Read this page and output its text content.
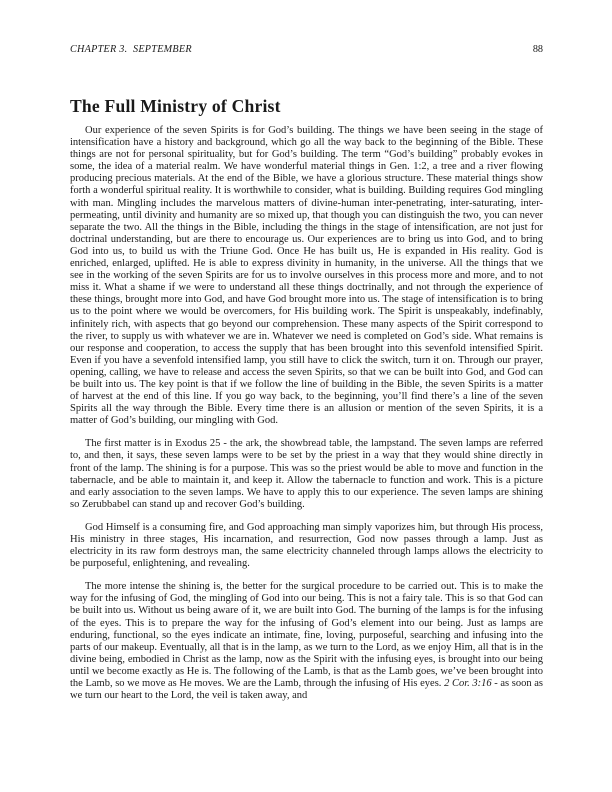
CHAPTER 3.  SEPTEMBER	88
The Full Ministry of Christ

Our experience of the seven Spirits is for God’s building. The things we have been seeing in the stage of intensification have a history and background, which go all the way back to the beginning of the Bible. These things are not for personal spirituality, but for God’s building. The term “God’s building” probably evokes in some, the idea of a material realm. We have wonderful material things in Gen. 1:2, a tree and a river flowing producing precious materials. At the end of the Bible, we have a glorious structure. These material things show forth a wonderful spiritual reality. It is worthwhile to consider, what is building. Building requires God mingling with man. Mingling includes the marvelous matters of divine-human inter-penetrating, inter-saturating, inter-permeating, until divinity and humanity are so mixed up, that though you can distinguish the two, you can never separate the two. All the things in the Bible, including the things in the stage of intensification, are not just for doctrinal understanding, but are there to encourage us. Our experiences are to bring us into God, and to bring God into us, to build us with the Triune God. Once He has built us, He is expanded in His reality. God is enriched, enlarged, uplifted. He is able to express divinity in humanity, in the universe. All the things that we see in the working of the seven Spirits are for us to involve ourselves in this process more and more, and to not miss it. What a shame if we were to understand all these things doctrinally, and not through the experience of these things, brought more into God, and have God brought more into us. The stage of intensification is to bring us to the point where we would be overcomers, for His building work. The Spirit is unspeakably, indefinably, infinitely rich, with aspects that go beyond our comprehension. These many aspects of the Spirit correspond to the river, to supply us with whatever we are in. Whatever we need is completed on God’s side. What remains is our response and cooperation, to access the supply that has been brought into this sevenfold intensified Spirit. Even if you have a sevenfold intensified lamp, you still have to click the switch, turn it on. Through our prayer, opening, calling, we have to release and access the seven Spirits, so that we can be built into God, and God can be built into us. The key point is that if we follow the line of building in the Bible, the seven Spirits is a matter of harvest at the end of this line. If you go way back, to the beginning, you’ll find there’s a line of the seven Spirits all the way through the Bible. Every time there is an allusion or mention of the seven Spirits, it is a matter of God’s building, our mingling with God.

The first matter is in Exodus 25 - the ark, the showbread table, the lampstand. The seven lamps are referred to, and then, it says, these seven lamps were to be set by the priest in a way that they would shine directly in front of the lamp. The shining is for a purpose. This was so the priest would be able to move and function in the tabernacle, and be able to maintain it, and keep it. Allow the tabernacle to function and work. This is a picture and early association to the seven lamps. We have to apply this to our experience. The seven lamps are shining so Zerubbabel can stand up and recover God’s building.

God Himself is a consuming fire, and God approaching man simply vaporizes him, but through His process, His ministry in three stages, His incarnation, and resurrection, God now passes through a lamp. Just as electricity in its raw form destroys man, the same electricity channeled through lamps allows the electricity to be purposeful, enlightening, and revealing.

The more intense the shining is, the better for the surgical procedure to be carried out. This is to make the way for the infusing of God, the mingling of God into our being. This is not a fairy tale. This is so that God can be built into us. Without us being aware of it, we are built into God. The burning of the lamps is for the infusing of the eyes. This is to prepare the way for the infusing of God’s element into our being. Just as lamps are enduring, functional, so the eyes indicate an intimate, fine, loving, purposeful, searching and infusing into the parts of our makeup. Eventually, all that is in the lamp, as we turn to the Lord, as we enjoy Him, all that is in the divine being, embodied in Christ as the lamp, now as the Spirit with the infusing eyes, is brought into our being until we become exactly as He is. The following of the Lamb, is that as the Lamb goes, we’ve been brought into the Lamb, so we move as He moves. We are the Lamb, through the infusing of His eyes. 2 Cor. 3:16 - as soon as we turn our heart to the Lord, the veil is taken away, and
